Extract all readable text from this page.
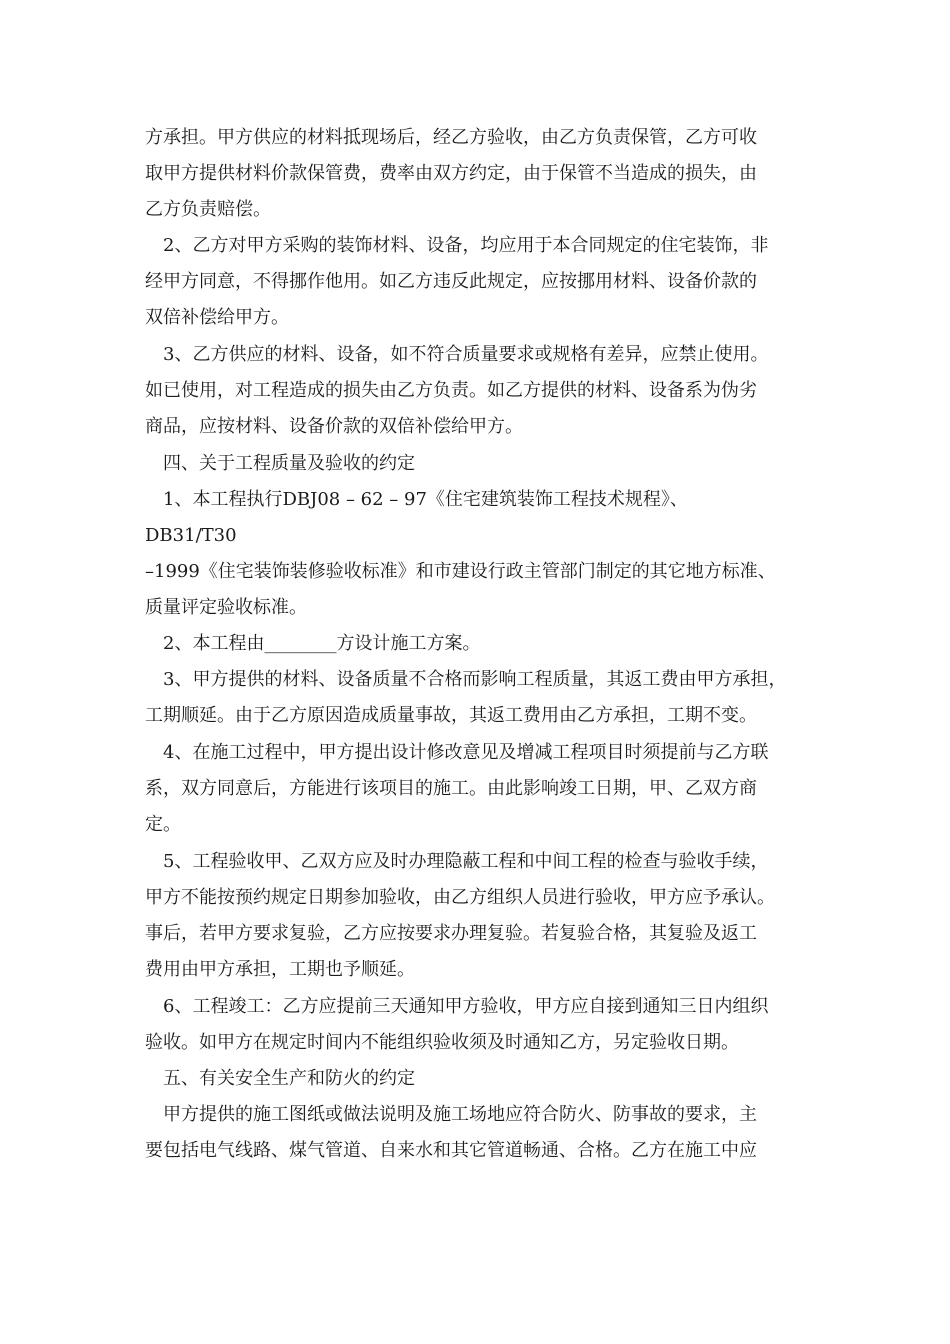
方承担。甲方供应的材料抵现场后，经乙方验收，由乙方负责保管，乙方可收
取甲方提供材料价款保管费，费率由双方约定，由于保管不当造成的损失，由
乙方负责赔偿。
2、乙方对甲方采购的装饰材料、设备，均应用于本合同规定的住宅装饰，非
经甲方同意，不得挪作他用。如乙方违反此规定，应按挪用材料、设备价款的
双倍补偿给甲方。
3、乙方供应的材料、设备，如不符合质量要求或规格有差异，应禁止使用。
如已使用，对工程造成的损失由乙方负责。如乙方提供的材料、设备系为伪劣
商品，应按材料、设备价款的双倍补偿给甲方。
四、关于工程质量及验收的约定
1、本工程执行DBJ08 – 62 – 97《住宅建筑装饰工程技术规程》、
DB31/T30
–1999《住宅装饰装修验收标准》和市建设行政主管部门制定的其它地方标准、
质量评定验收标准。
2、本工程由________方设计施工方案。
3、甲方提供的材料、设备质量不合格而影响工程质量，其返工费由甲方承担，
工期顺延。由于乙方原因造成质量事故，其返工费用由乙方承担，工期不变。
4、在施工过程中，甲方提出设计修改意见及增减工程项目时须提前与乙方联
系，双方同意后，方能进行该项目的施工。由此影响竣工日期，甲、乙双方商
定。
5、工程验收甲、乙双方应及时办理隐蔽工程和中间工程的检查与验收手续，
甲方不能按预约规定日期参加验收，由乙方组织人员进行验收，甲方应予承认。
事后，若甲方要求复验，乙方应按要求办理复验。若复验合格，其复验及返工
费用由甲方承担，工期也予顺延。
6、工程竣工：乙方应提前三天通知甲方验收，甲方应自接到通知三日内组织
验收。如甲方在规定时间内不能组织验收须及时通知乙方，另定验收日期。
五、有关安全生产和防火的约定
甲方提供的施工图纸或做法说明及施工场地应符合防火、防事故的要求，主
要包括电气线路、煤气管道、自来水和其它管道畅通、合格。乙方在施工中应
